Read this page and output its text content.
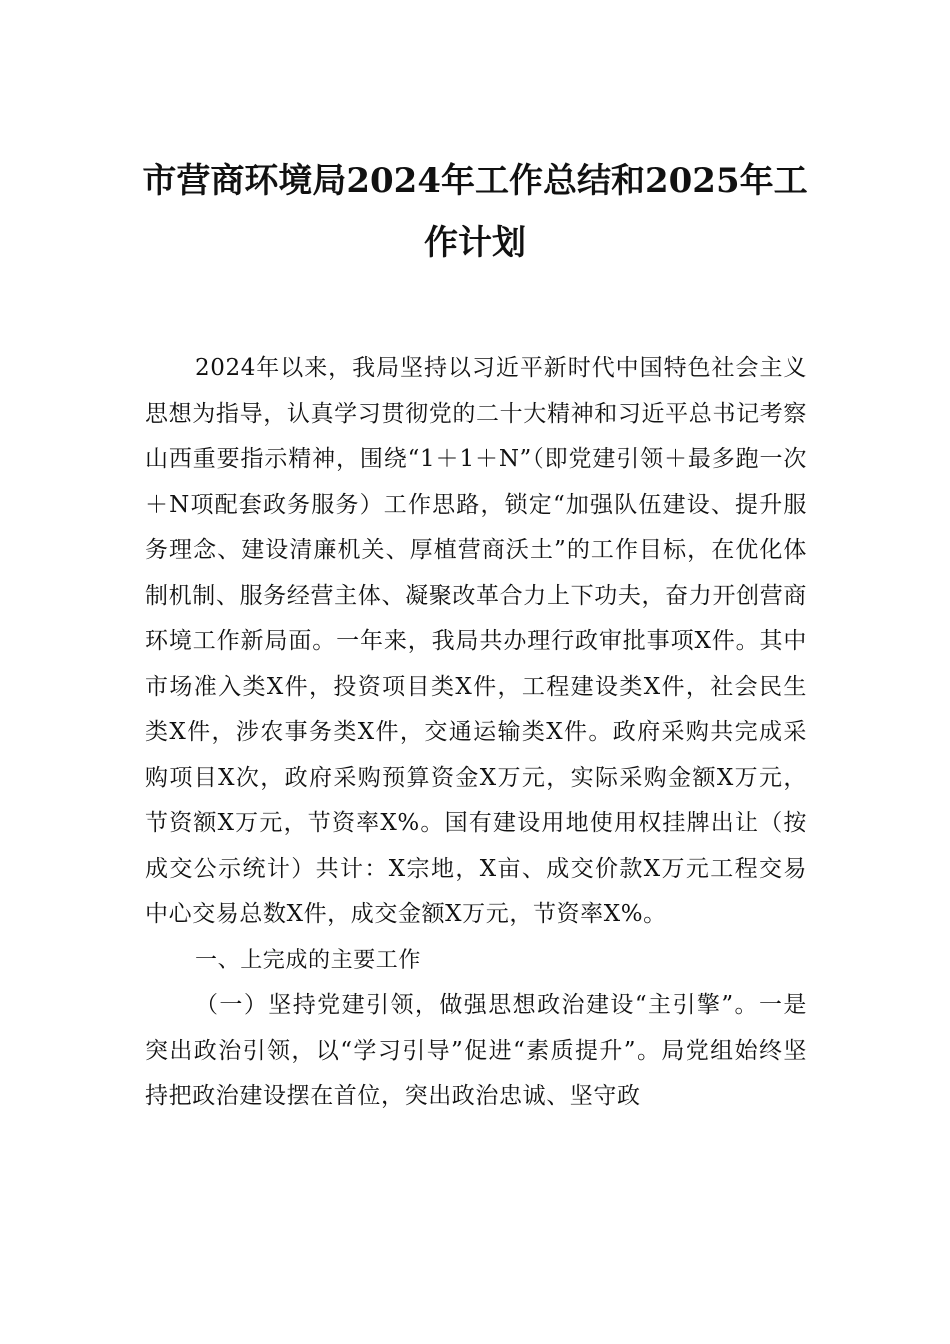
市营商环境局2024年工作总结和2025年工作计划

2024年以来，我局坚持以习近平新时代中国特色社会主义思想为指导，认真学习贯彻党的二十大精神和习近平总书记考察山西重要指示精神，围绕“1＋1＋N”（即党建引领＋最多跑一次＋N项配套政务服务）工作思路，锁定“加强队伍建设、提升服务理念、建设清廉机关、厚植营商沃土”的工作目标，在优化体制机制、服务经营主体、凝聚改革合力上下功夫，奋力开创营商环境工作新局面。一年来，我局共办理行政审批事项X件。其中市场准入类X件，投资项目类X件，工程建设类X件，社会民生类X件，涉农事务类X件，交通运输类X件。政府采购共完成采购项目X次，政府采购预算资金X万元，实际采购金额X万元，节资额X万元，节资率X%。国有建设用地使用权挂牌出让（按成交公示统计）共计：X宗地，X亩、成交价款X万元工程交易中心交易总数X件，成交金额X万元，节资率X%。

一、上完成的主要工作

（一）坚持党建引领，做强思想政治建设“主引擎”。一是突出政治引领，以“学习引导”促进“素质提升”。局党组始终坚持把政治建设摆在首位，突出政治忠诚、坚守政
